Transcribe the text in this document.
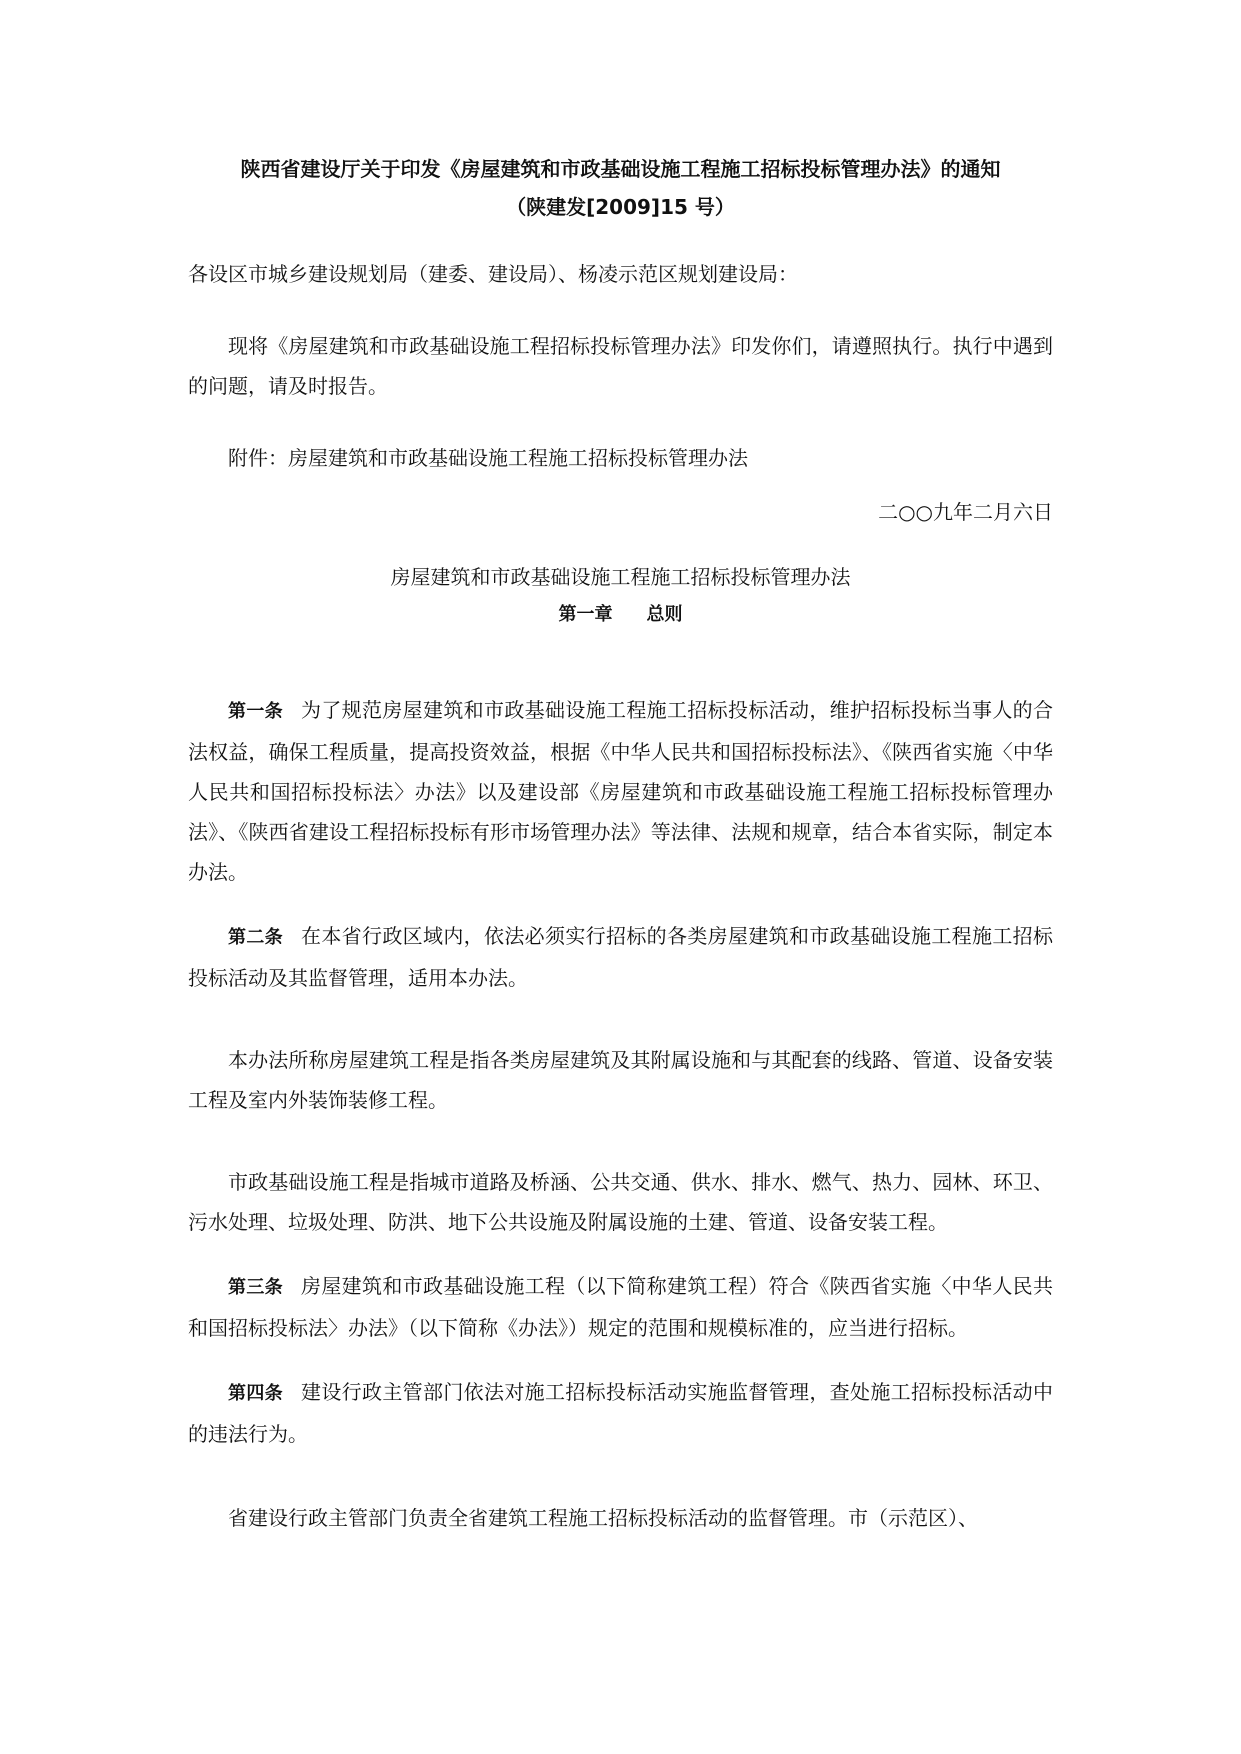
陕西省建设厅关于印发《房屋建筑和市政基础设施工程施工招标投标管理办法》的通知
（陕建发[2009]15 号）

各设区市城乡建设规划局（建委、建设局）、杨凌示范区规划建设局：

现将《房屋建筑和市政基础设施工程招标投标管理办法》印发你们，请遵照执行。执行中遇到的问题，请及时报告。

附件：房屋建筑和市政基础设施工程施工招标投标管理办法

二○○九年二月六日

房屋建筑和市政基础设施工程施工招标投标管理办法

第一章 总则

第一条 为了规范房屋建筑和市政基础设施工程施工招标投标活动，维护招标投标当事人的合法权益，确保工程质量，提高投资效益，根据《中华人民共和国招标投标法》、《陕西省实施〈中华人民共和国招标投标法〉办法》以及建设部《房屋建筑和市政基础设施工程施工招标投标管理办法》、《陕西省建设工程招标投标有形市场管理办法》等法律、法规和规章，结合本省实际，制定本办法。

第二条 在本省行政区域内，依法必须实行招标的各类房屋建筑和市政基础设施工程施工招标投标活动及其监督管理，适用本办法。

本办法所称房屋建筑工程是指各类房屋建筑及其附属设施和与其配套的线路、管道、设备安装工程及室内外装饰装修工程。

市政基础设施工程是指城市道路及桥涵、公共交通、供水、排水、燃气、热力、园林、环卫、污水处理、垃圾处理、防洪、地下公共设施及附属设施的土建、管道、设备安装工程。

第三条 房屋建筑和市政基础设施工程（以下简称建筑工程）符合《陕西省实施〈中华人民共和国招标投标法〉办法》（以下简称《办法》）规定的范围和规模标准的，应当进行招标。

第四条 建设行政主管部门依法对施工招标投标活动实施监督管理，查处施工招标投标活动中的违法行为。

省建设行政主管部门负责全省建筑工程施工招标投标活动的监督管理。市（示范区）、
